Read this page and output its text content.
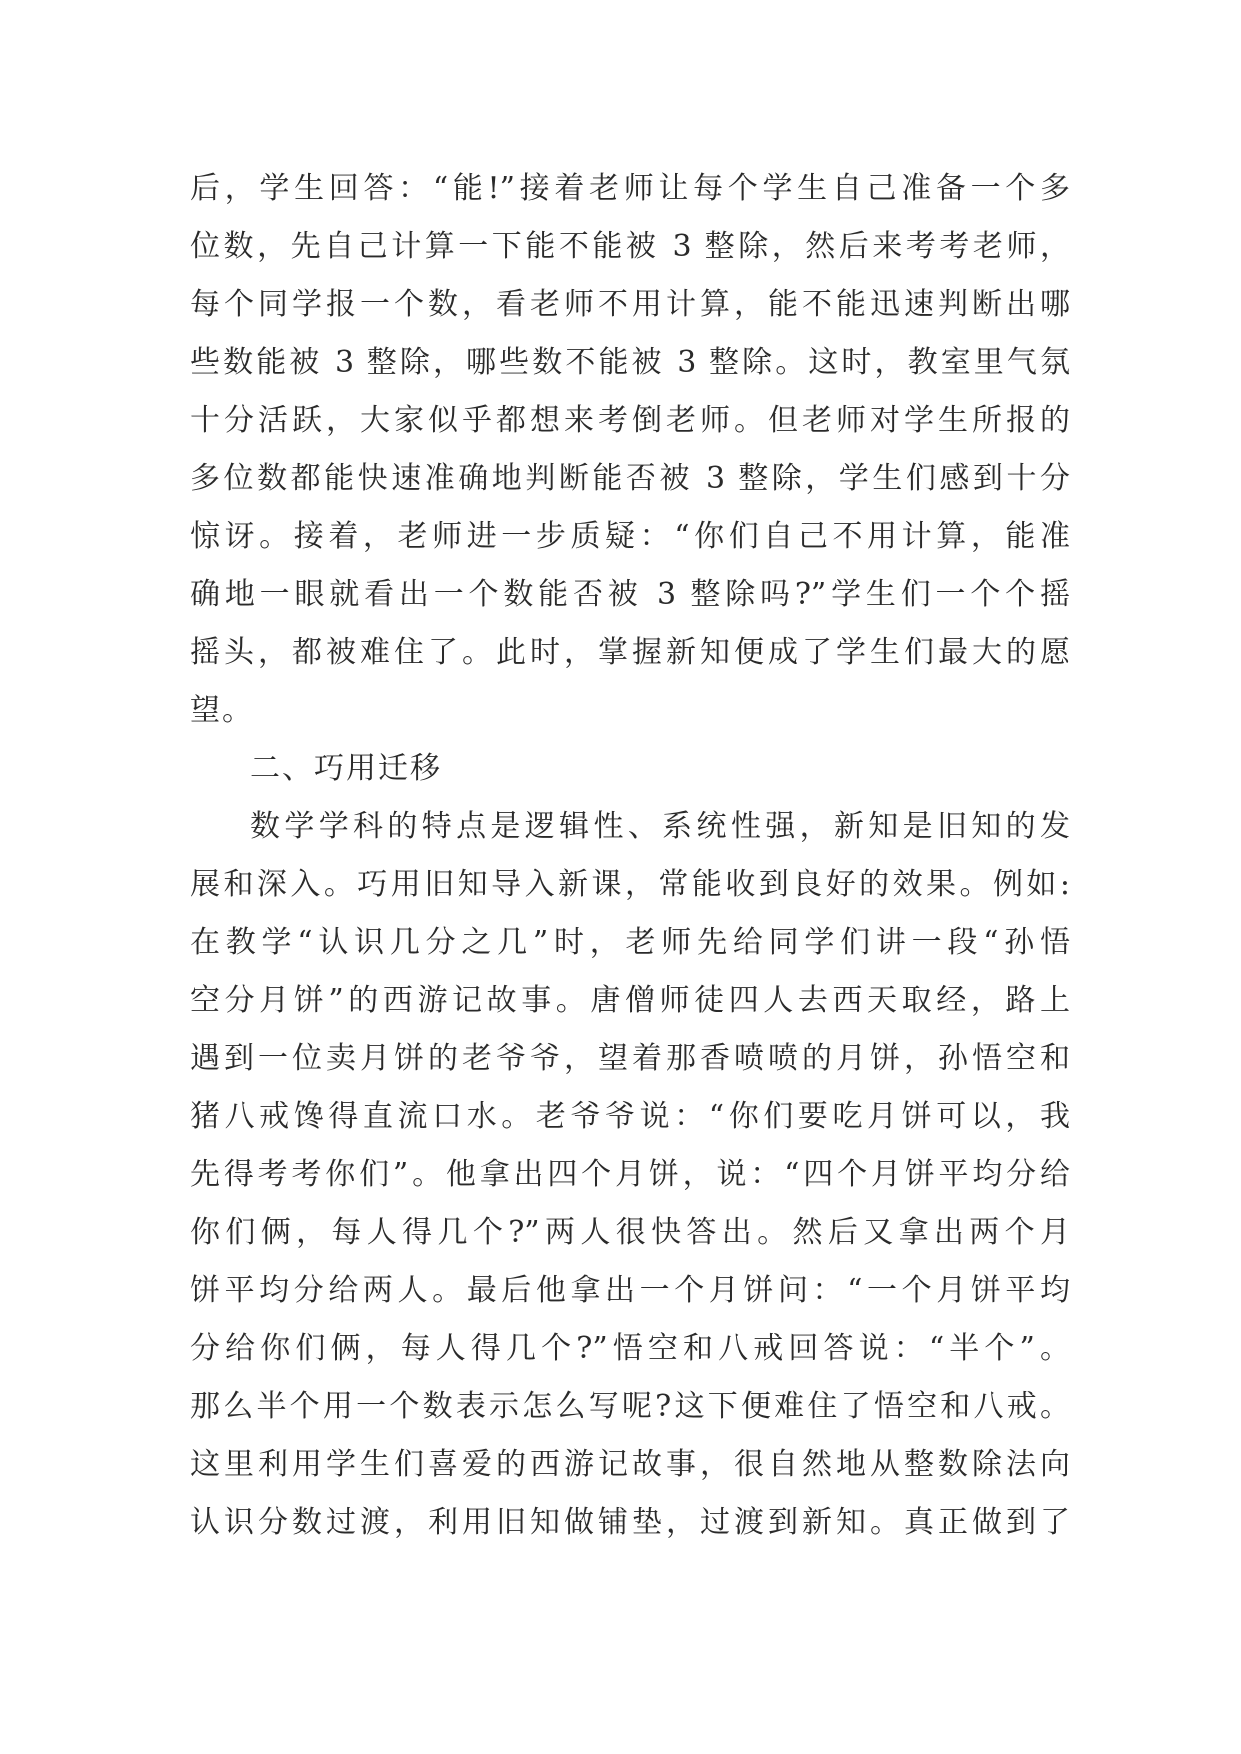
后，学生回答：“能!”接着老师让每个学生自己准备一个多
位数，先自己计算一下能不能被 3 整除，然后来考考老师，
每个同学报一个数，看老师不用计算，能不能迅速判断出哪
些数能被 3 整除，哪些数不能被 3 整除。这时，教室里气氛
十分活跃，大家似乎都想来考倒老师。但老师对学生所报的
多位数都能快速准确地判断能否被 3 整除，学生们感到十分
惊讶。接着，老师进一步质疑：“你们自己不用计算，能准
确地一眼就看出一个数能否被 3 整除吗?”学生们一个个摇
摇头，都被难住了。此时，掌握新知便成了学生们最大的愿
望。
二、巧用迁移
数学学科的特点是逻辑性、系统性强，新知是旧知的发
展和深入。巧用旧知导入新课，常能收到良好的效果。例如:
在教学“认识几分之几”时，老师先给同学们讲一段“孙悟
空分月饼”的西游记故事。唐僧师徒四人去西天取经，路上
遇到一位卖月饼的老爷爷，望着那香喷喷的月饼，孙悟空和
猪八戒馋得直流口水。老爷爷说：“你们要吃月饼可以，我
先得考考你们”。他拿出四个月饼，说：“四个月饼平均分给
你们俩，每人得几个?”两人很快答出。然后又拿出两个月
饼平均分给两人。最后他拿出一个月饼问：“一个月饼平均
分给你们俩，每人得几个?”悟空和八戒回答说：“半个”。
那么半个用一个数表示怎么写呢?这下便难住了悟空和八戒。
这里利用学生们喜爱的西游记故事，很自然地从整数除法向
认识分数过渡，利用旧知做铺垫，过渡到新知。真正做到了
